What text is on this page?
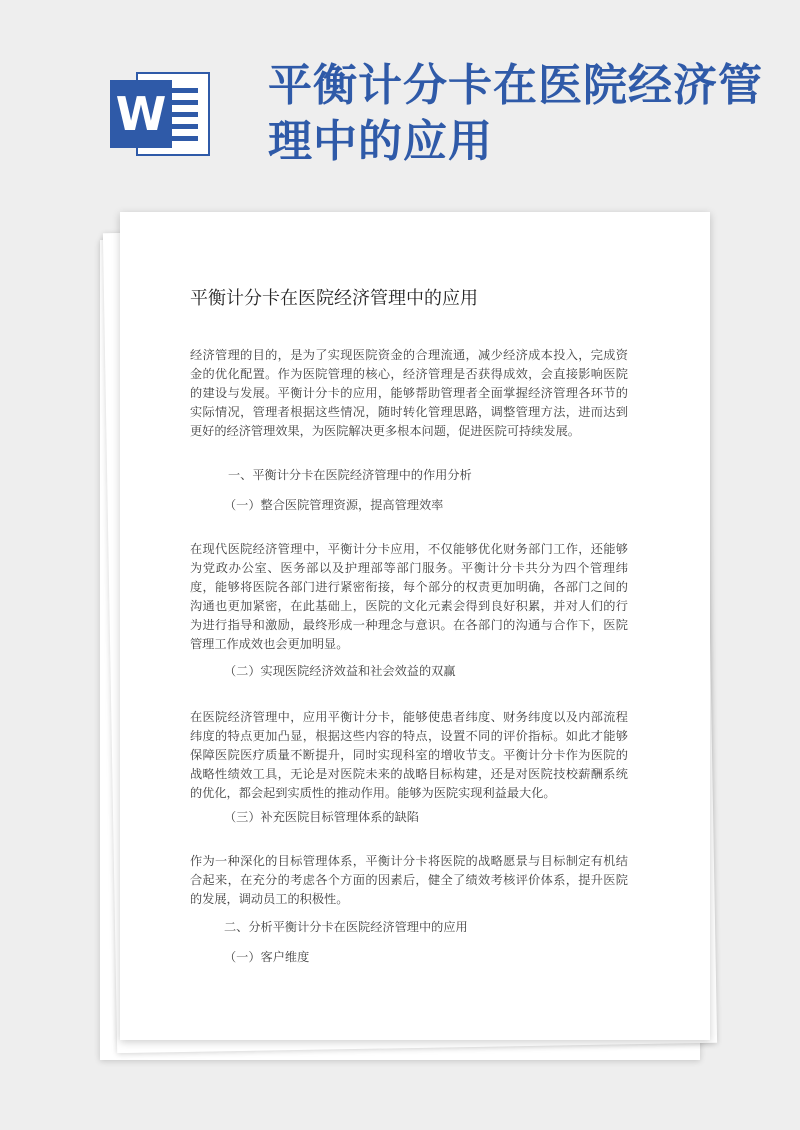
W
平衡计分卡在医院经济管理中的应用
平衡计分卡在医院经济管理中的应用
经济管理的目的，是为了实现医院资金的合理流通，减少经济成本投入，完成资金的优化配置。作为医院管理的核心，经济管理是否获得成效，会直接影响医院的建设与发展。平衡计分卡的应用，能够帮助管理者全面掌握经济管理各环节的实际情况，管理者根据这些情况，随时转化管理思路，调整管理方法，进而达到更好的经济管理效果，为医院解决更多根本问题，促进医院可持续发展。
一、平衡计分卡在医院经济管理中的作用分析
（一）整合医院管理资源，提高管理效率
在现代医院经济管理中，平衡计分卡应用，不仅能够优化财务部门工作，还能够为党政办公室、医务部以及护理部等部门服务。平衡计分卡共分为四个管理纬度，能够将医院各部门进行紧密衔接，每个部分的权责更加明确，各部门之间的沟通也更加紧密，在此基础上，医院的文化元素会得到良好积累，并对人们的行为进行指导和激励，最终形成一种理念与意识。在各部门的沟通与合作下，医院管理工作成效也会更加明显。
（二）实现医院经济效益和社会效益的双赢
在医院经济管理中，应用平衡计分卡，能够使患者纬度、财务纬度以及内部流程纬度的特点更加凸显，根据这些内容的特点，设置不同的评价指标。如此才能够保障医院医疗质量不断提升，同时实现科室的增收节支。平衡计分卡作为医院的战略性绩效工具，无论是对医院未来的战略目标构建，还是对医院技校薪酬系统的优化，都会起到实质性的推动作用。能够为医院实现利益最大化。
（三）补充医院目标管理体系的缺陷
作为一种深化的目标管理体系，平衡计分卡将医院的战略愿景与目标制定有机结合起来，在充分的考虑各个方面的因素后，健全了绩效考核评价体系，提升医院的发展，调动员工的积极性。
二、分析平衡计分卡在医院经济管理中的应用
（一）客户维度
